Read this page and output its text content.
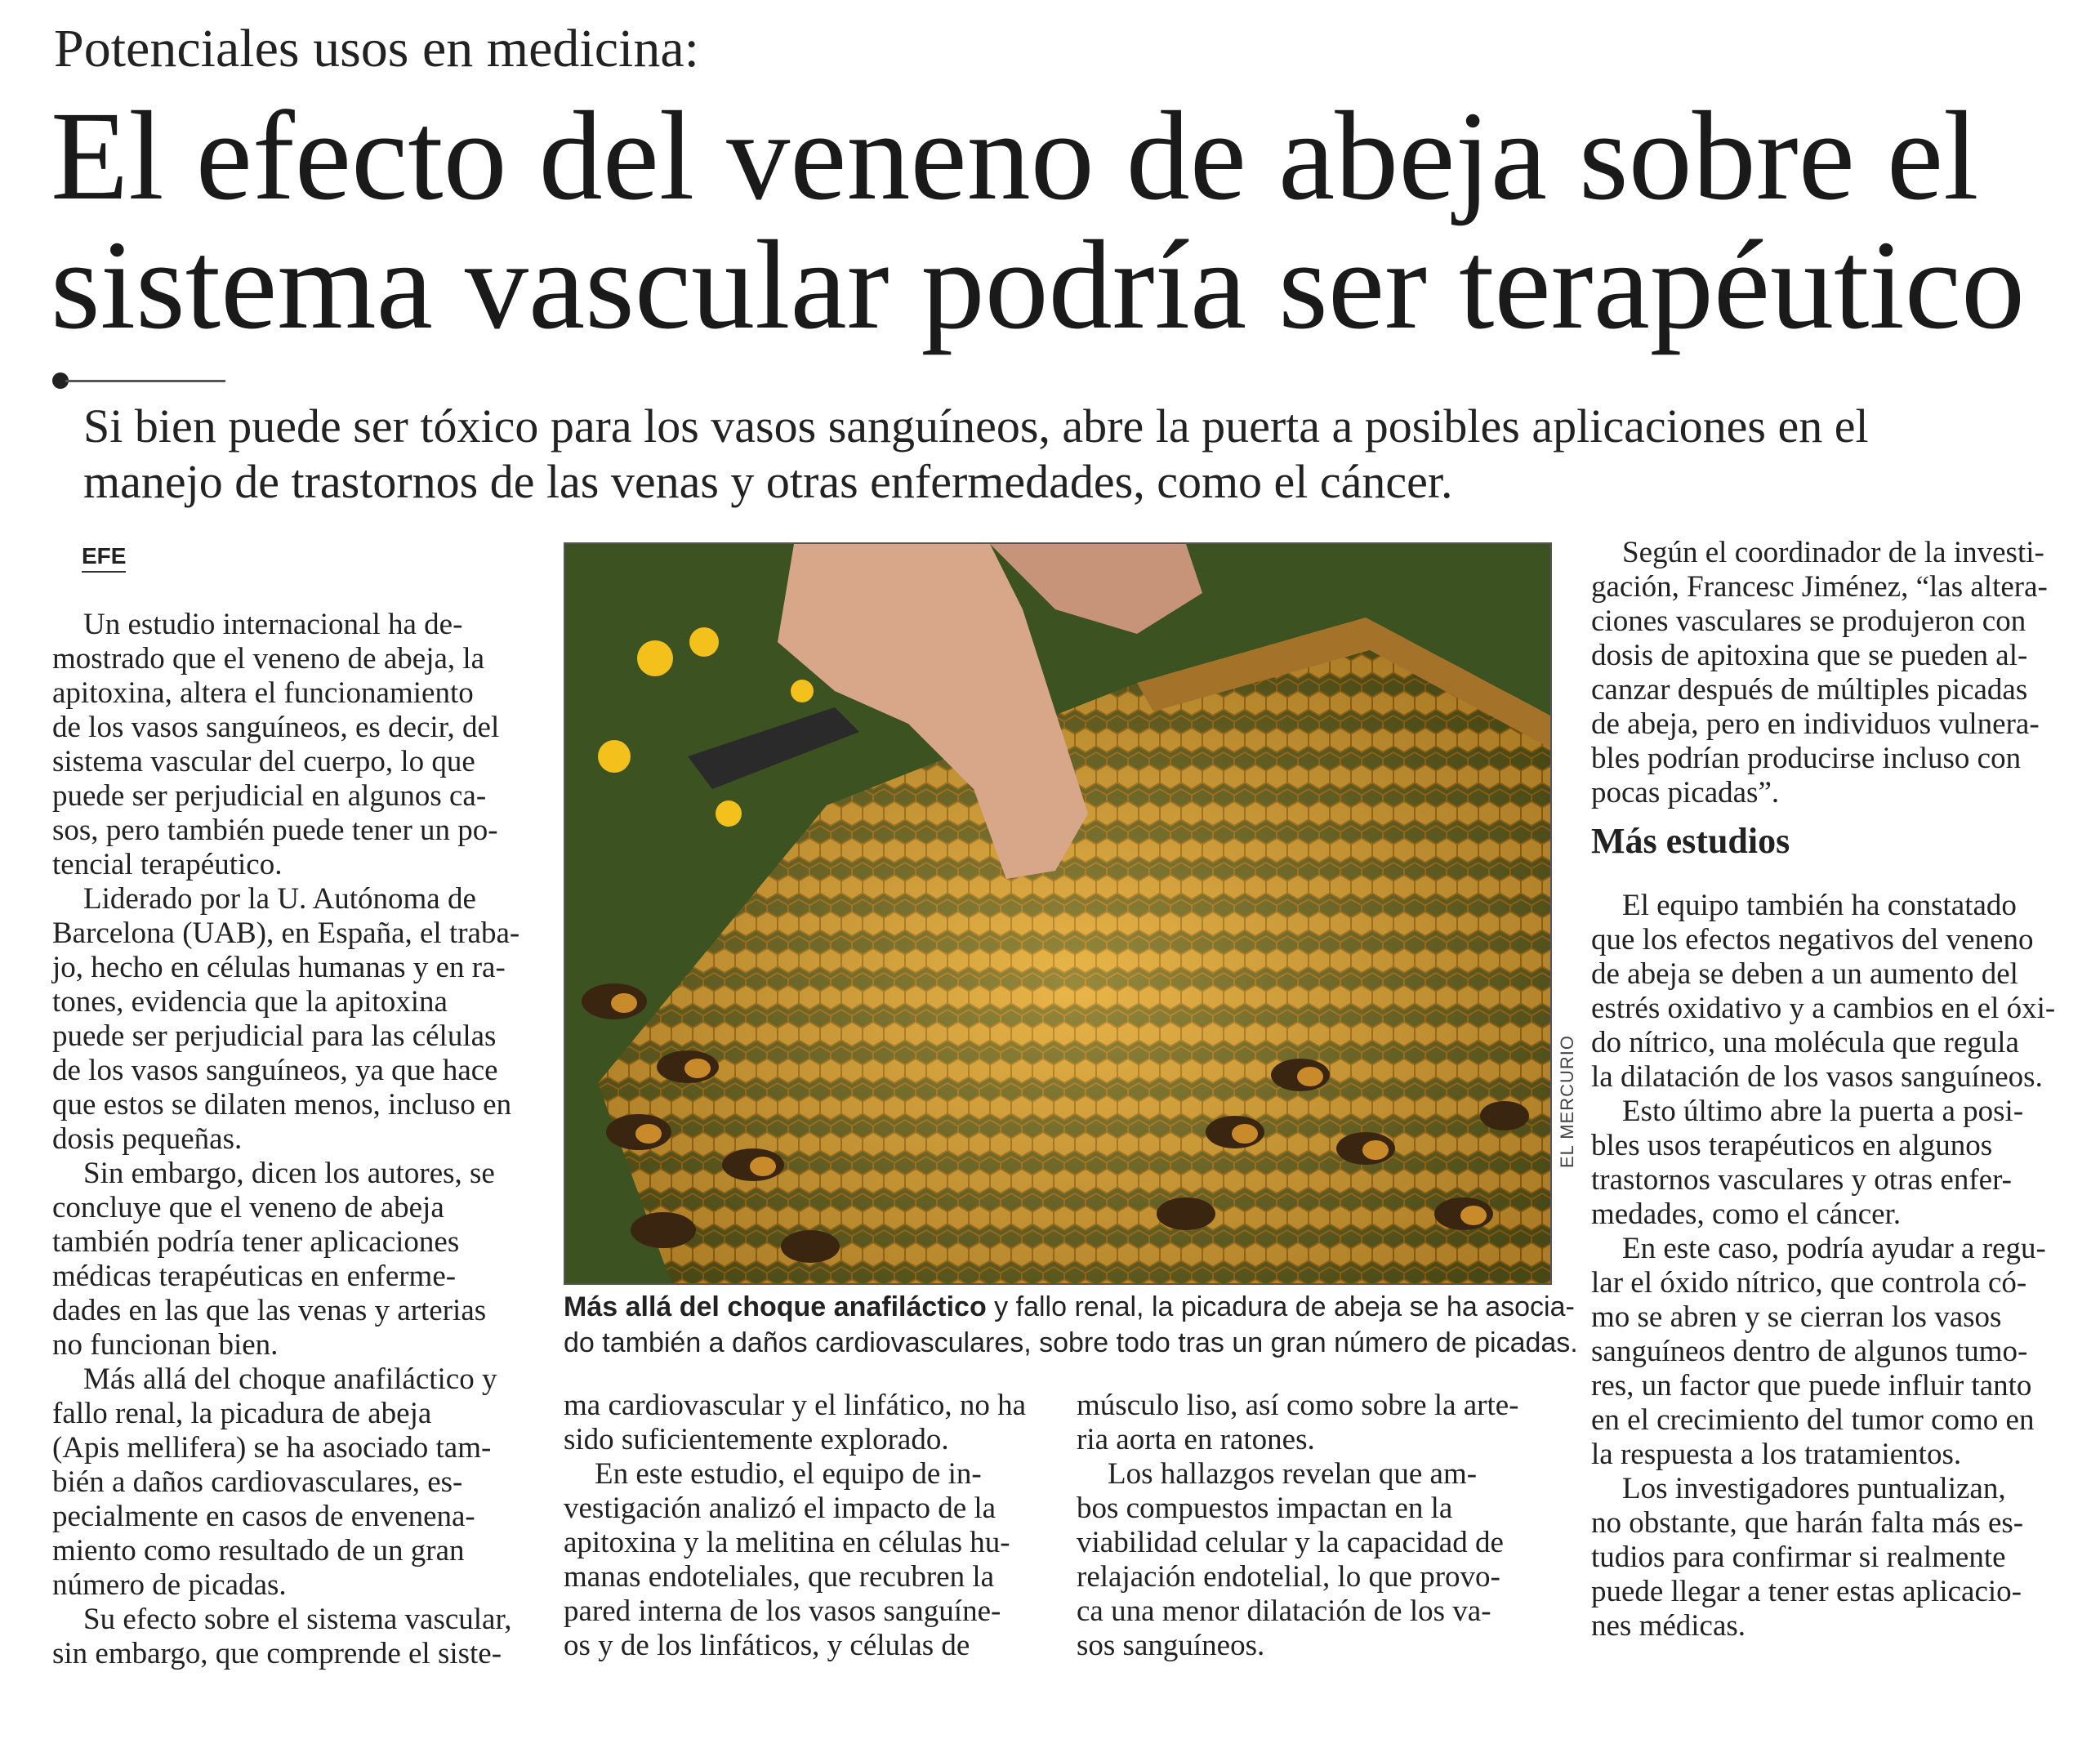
Potenciales usos en medicina:
El efecto del veneno de abeja sobre el
sistema vascular podría ser terapéutico
Si bien puede ser tóxico para los vasos sanguíneos, abre la puerta a posibles aplicaciones en el
manejo de trastornos de las venas y otras enfermedades, como el cáncer.
EFE
Un estudio internacional ha de-
mostrado que el veneno de abeja, la
apitoxina, altera el funcionamiento
de los vasos sanguíneos, es decir, del
sistema vascular del cuerpo, lo que
puede ser perjudicial en algunos ca-
sos, pero también puede tener un po-
tencial terapéutico.
Liderado por la U. Autónoma de
Barcelona (UAB), en España, el traba-
jo, hecho en células humanas y en ra-
tones, evidencia que la apitoxina
puede ser perjudicial para las células
de los vasos sanguíneos, ya que hace
que estos se dilaten menos, incluso en
dosis pequeñas.
Sin embargo, dicen los autores, se
concluye que el veneno de abeja
también podría tener aplicaciones
médicas terapéuticas en enferme-
dades en las que las venas y arterias
no funcionan bien.
Más allá del choque anafiláctico y
fallo renal, la picadura de abeja
(Apis mellifera) se ha asociado tam-
bién a daños cardiovasculares, es-
pecialmente en casos de envenena-
miento como resultado de un gran
número de picadas.
Su efecto sobre el sistema vascular,
sin embargo, que comprende el siste-
EL MERCURIO
Más allá del choque anafiláctico y fallo renal, la picadura de abeja se ha asocia-
do también a daños cardiovasculares, sobre todo tras un gran número de picadas.
ma cardiovascular y el linfático, no ha
sido suficientemente explorado.
En este estudio, el equipo de in-
vestigación analizó el impacto de la
apitoxina y la melitina en células hu-
manas endoteliales, que recubren la
pared interna de los vasos sanguíne-
os y de los linfáticos, y células de
músculo liso, así como sobre la arte-
ria aorta en ratones.
Los hallazgos revelan que am-
bos compuestos impactan en la
viabilidad celular y la capacidad de
relajación endotelial, lo que provo-
ca una menor dilatación de los va-
sos sanguíneos.
Según el coordinador de la investi-
gación, Francesc Jiménez, “las altera-
ciones vasculares se produjeron con
dosis de apitoxina que se pueden al-
canzar después de múltiples picadas
de abeja, pero en individuos vulnera-
bles podrían producirse incluso con
pocas picadas”.
Más estudios
El equipo también ha constatado
que los efectos negativos del veneno
de abeja se deben a un aumento del
estrés oxidativo y a cambios en el óxi-
do nítrico, una molécula que regula
la dilatación de los vasos sanguíneos.
Esto último abre la puerta a posi-
bles usos terapéuticos en algunos
trastornos vasculares y otras enfer-
medades, como el cáncer.
En este caso, podría ayudar a regu-
lar el óxido nítrico, que controla có-
mo se abren y se cierran los vasos
sanguíneos dentro de algunos tumo-
res, un factor que puede influir tanto
en el crecimiento del tumor como en
la respuesta a los tratamientos.
Los investigadores puntualizan,
no obstante, que harán falta más es-
tudios para confirmar si realmente
puede llegar a tener estas aplicacio-
nes médicas.
